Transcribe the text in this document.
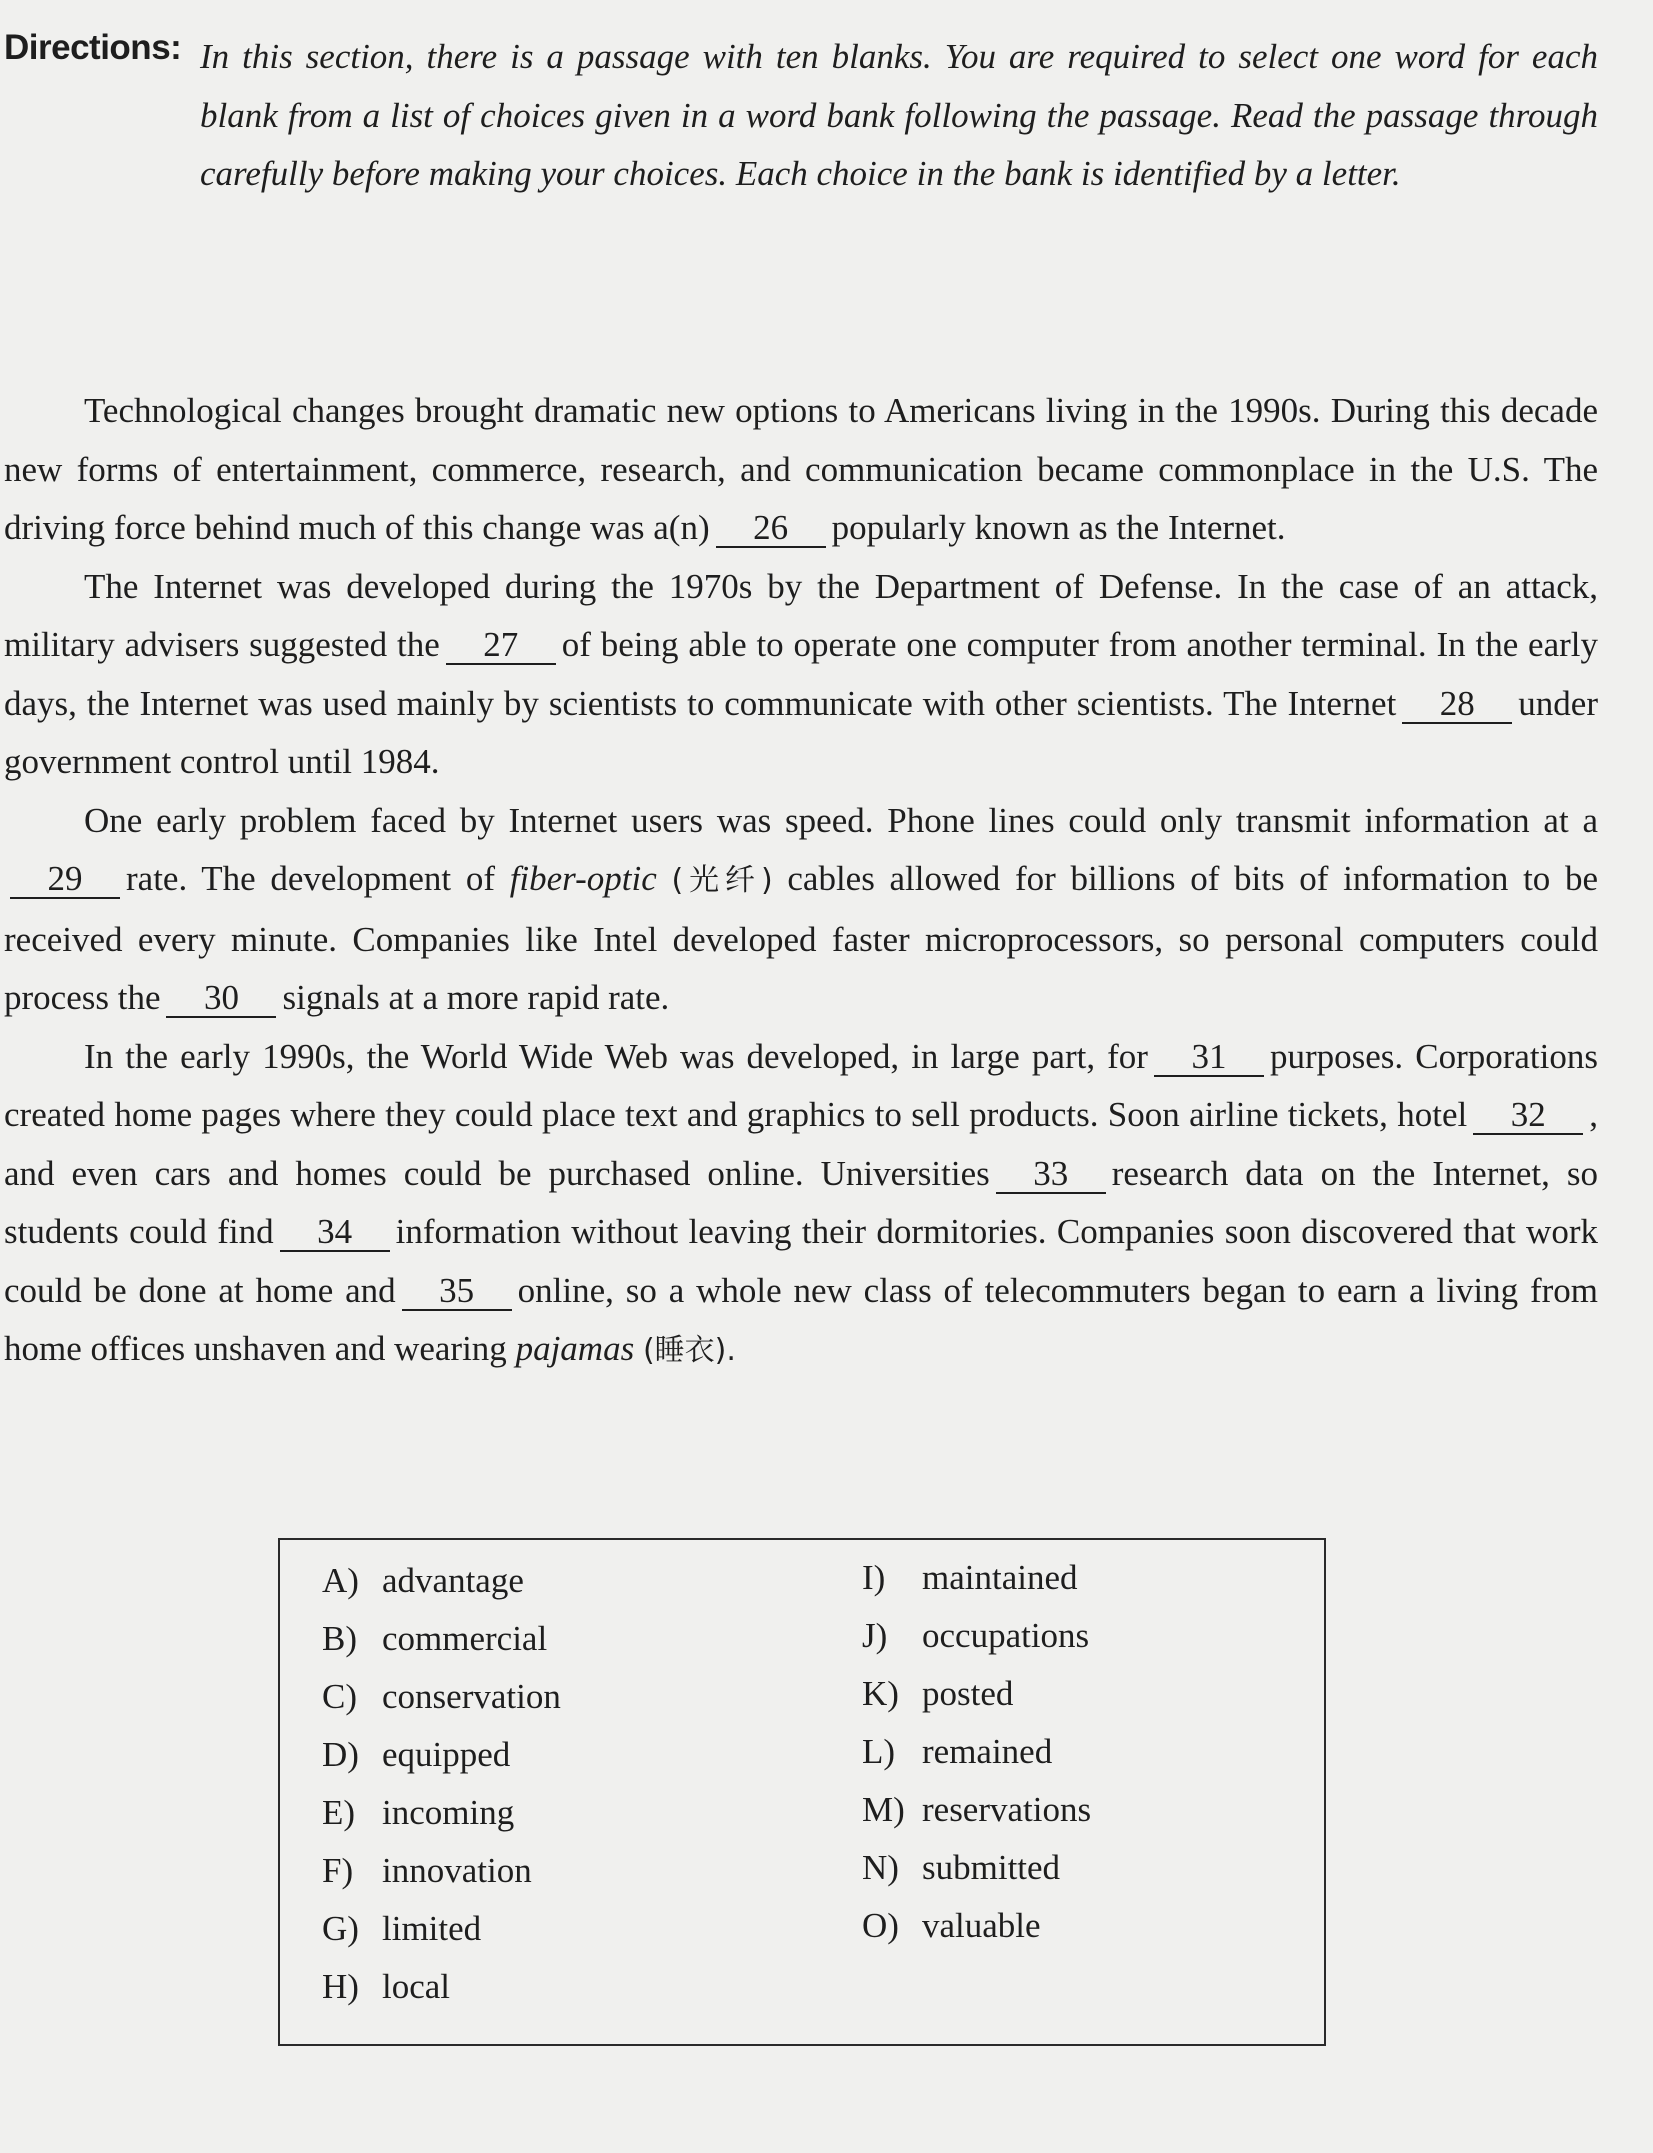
Directions: In this section, there is a passage with ten blanks. You are required to select one word for each blank from a list of choices given in a word bank following the passage. Read the passage through carefully before making your choices. Each choice in the bank is identified by a letter.

Technological changes brought dramatic new options to Americans living in the 1990s. During this decade new forms of entertainment, commerce, research, and communication became commonplace in the U.S. The driving force behind much of this change was a(n) 26 popularly known as the Internet.

The Internet was developed during the 1970s by the Department of Defense. In the case of an attack, military advisers suggested the 27 of being able to operate one computer from another terminal. In the early days, the Internet was used mainly by scientists to communicate with other scientists. The Internet 28 under government control until 1984.

One early problem faced by Internet users was speed. Phone lines could only transmit information at a29 rate. The development of fiber-optic (光纤) cables allowed for billions of bits of information to be received every minute. Companies like Intel developed faster microprocessors, so personal computers could process the 30 signals at a more rapid rate.

In the early 1990s, the World Wide Web was developed, in large part, for 31 purposes. Corporations created home pages where they could place text and graphics to sell products. Soon airline tickets, hotel 32 , and even cars and homes could be purchased online. Universities 33 research data on the Internet, so students could find 34 information without leaving their dormitories. Companies soon discovered that work could be done at home and 35 online, so a whole new class of telecommuters began to earn a living from home offices unshaven and wearing pajamas (睡衣).

A) advantage
B) commercial
C) conservation
D) equipped
E) incoming
F) innovation
G) limited
H) local
I)	maintained
J) occupations
K) posted
L) remained
M) reservations
N) submitted
O) valuable
